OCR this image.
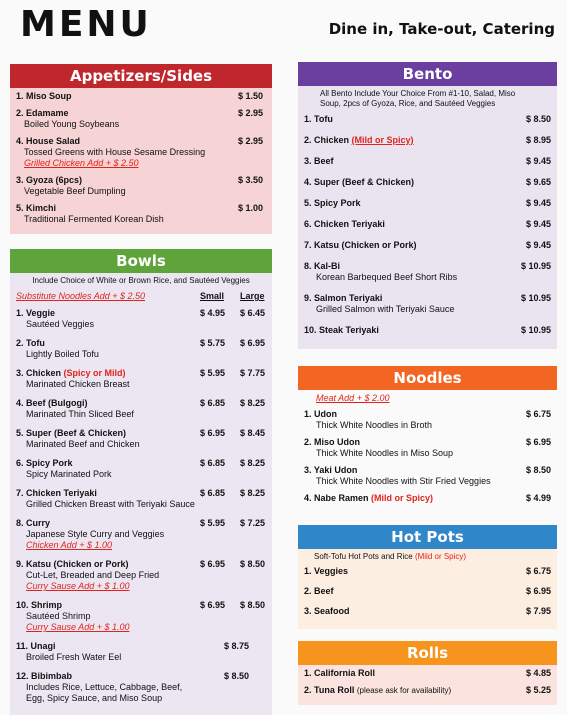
MENU	Dine in, Take-out, Catering
Appetizers/Sides
1. Miso Soup	$ 1.50
2. Edamame	$ 2.95
Boiled Young Soybeans
4. House Salad	$ 2.95
Tossed Greens with House Sesame Dressing
Grilled Chicken Add + $ 2.50
3. Gyoza (6pcs)	$ 3.50
Vegetable Beef Dumpling
5. Kimchi	$ 1.00
Traditional Fermented Korean Dish
Bowls
Include Choice of White or Brown Rice, and Sautéed Veggies
Substitute Noodles Add + $ 2.50	Small Large
1. Veggie	$ 4.95 $ 6.45
Sautéed Veggies
2. Tofu	$ 5.75 $ 6.95
Lightly Boiled Tofu
3. Chicken (Spicy or Mild)	$ 5.95 $ 7.75
Marinated Chicken Breast
4. Beef (Bulgogi)	$ 6.85 $ 8.25
Marinated Thin Sliced Beef
5. Super (Beef & Chicken)	$ 6.95 $ 8.45
Marinated Beef and Chicken
6. Spicy Pork	$ 6.85 $ 8.25
Spicy Marinated Pork
7. Chicken Teriyaki	$ 6.85 $ 8.25
Grilled Chicken Breast with Teriyaki Sauce
8. Curry	$ 5.95 $ 7.25
Japanese Style Curry and Veggies
Chicken Add + $ 1.00
9. Katsu (Chicken or Pork)	$ 6.95 $ 8.50
Cut-Let, Breaded and Deep Fried
Curry Sause Add + $ 1.00
10. Shrimp	$ 6.95 $ 8.50
Sautéed Shrimp
Curry Sause Add + $ 1.00
11. Unagi	$ 8.75
Broiled Fresh Water Eel
12. Bibimbab	$ 8.50
Includes Rice, Lettuce, Cabbage, Beef,
Egg, Spicy Sauce, and Miso Soup
Bento
All Bento Include Your Choice From #1-10, Salad, Miso Soup, 2pcs of Gyoza, Rice, and Sautéed Veggies
1. Tofu	$ 8.50
2. Chicken (Mild or Spicy)	$ 8.95
3. Beef	$ 9.45
4. Super (Beef & Chicken)	$ 9.65
5. Spicy Pork	$ 9.45
6. Chicken Teriyaki	$ 9.45
7. Katsu (Chicken or Pork)	$ 9.45
8. Kal-Bi	$ 10.95
Korean Barbequed Beef Short Ribs
9. Salmon Teriyaki	$ 10.95
Grilled Salmon with Teriyaki Sauce
10. Steak Teriyaki	$ 10.95
Noodles
Meat Add + $ 2.00
1. Udon	$ 6.75
Thick White Noodles in Broth
2. Miso Udon	$ 6.95
Thick White Noodles in Miso Soup
3. Yaki Udon	$ 8.50
Thick White Noodles with Stir Fried Veggies
4. Nabe Ramen (Mild or Spicy)	$ 4.99
Hot Pots
Soft-Tofu Hot Pots and Rice (Mild or Spicy)
1. Veggies	$ 6.75
2. Beef	$ 6.95
3. Seafood	$ 7.95
Rolls
1. California Roll	$ 4.85
2. Tuna Roll (please ask for availability)	$ 5.25
